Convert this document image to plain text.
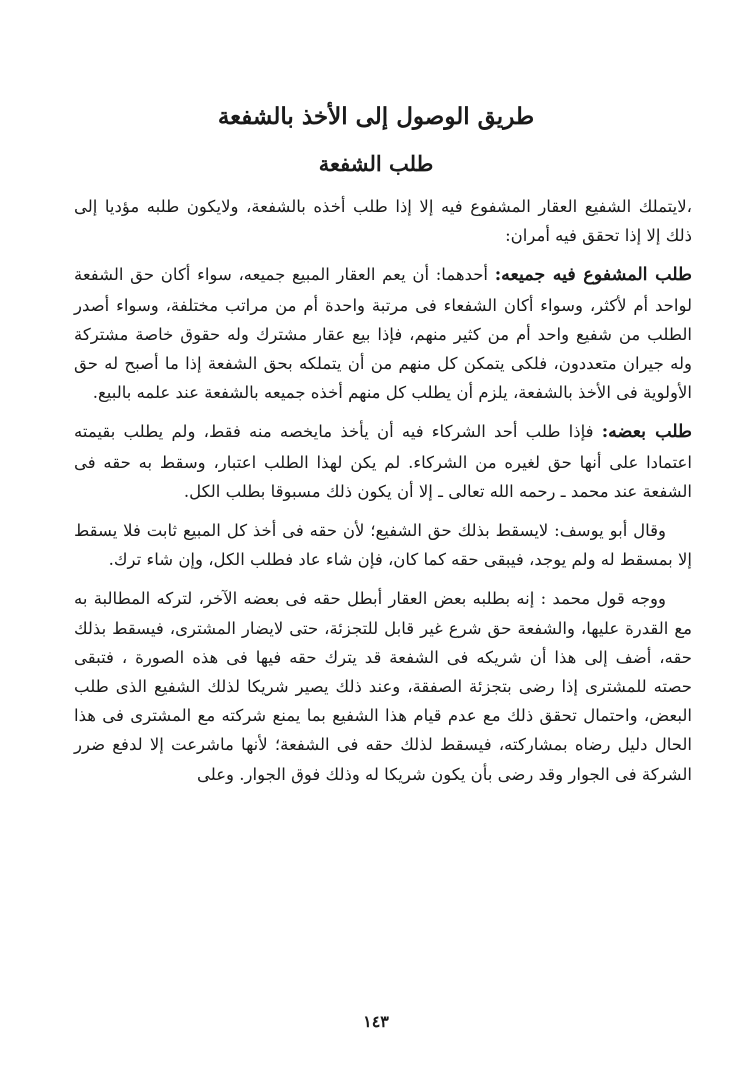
طريق الوصول إلى الأخذ بالشفعة
طلب الشفعة

،لايتملك الشفيع العقار المشفوع فيه إلا إذا طلب أخذه بالشفعة، ولايكون طلبه مؤديا إلى ذلك إلا إذا تحقق فيه أمران:

طلب المشفوع فيه جميعه: أحدهما: أن يعم العقار المبيع جميعه، سواء أكان حق الشفعة لواحد أم لأكثر، وسواء أكان الشفعاء فى مرتبة واحدة أم من مراتب مختلفة، وسواء أصدر الطلب من شفيع واحد أم من كثير منهم، فإذا بيع عقار مشترك وله حقوق خاصة مشتركة وله جيران متعددون، فلكى يتمكن كل منهم من أن يتملكه بحق الشفعة إذا ما أصبح له حق الأولوية فى الأخذ بالشفعة، يلزم أن يطلب كل منهم أخذه جميعه بالشفعة عند علمه بالبيع.

طلب بعضه: فإذا طلب أحد الشركاء فيه أن يأخذ مايخصه منه فقط، ولم يطلب بقيمته اعتمادا على أنها حق لغيره من الشركاء. لم يكن لهذا الطلب اعتبار، وسقط به حقه فى الشفعة عند محمد ـ رحمه الله تعالى ـ إلا أن يكون ذلك مسبوقا بطلب الكل.

وقال أبو يوسف: لايسقط بذلك حق الشفيع؛ لأن حقه فى أخذ كل المبيع ثابت فلا يسقط إلا بمسقط له ولم يوجد، فيبقى حقه كما كان، فإن شاء عاد فطلب الكل، وإن شاء ترك.

ووجه قول محمد : إنه بطلبه بعض العقار أبطل حقه فى بعضه الآخر، لتركه المطالبة به مع القدرة عليها، والشفعة حق شرع غير قابل للتجزئة، حتى لايضار المشترى، فيسقط بذلك حقه، أضف إلى هذا أن شريكه فى الشفعة قد يترك حقه فيها فى هذه الصورة ، فتبقى حصته للمشترى إذا رضى بتجزئة الصفقة، وعند ذلك يصير شريكا لذلك الشفيع الذى طلب البعض، واحتمال تحقق ذلك مع عدم قيام هذا الشفيع بما يمنع شركته مع المشترى فى هذا الحال دليل رضاه بمشاركته، فيسقط لذلك حقه فى الشفعة؛ لأنها ماشرعت إلا لدفع ضرر الشركة فى الجوار وقد رضى بأن يكون شريكا له وذلك فوق الجوار. وعلى

١٤٣
